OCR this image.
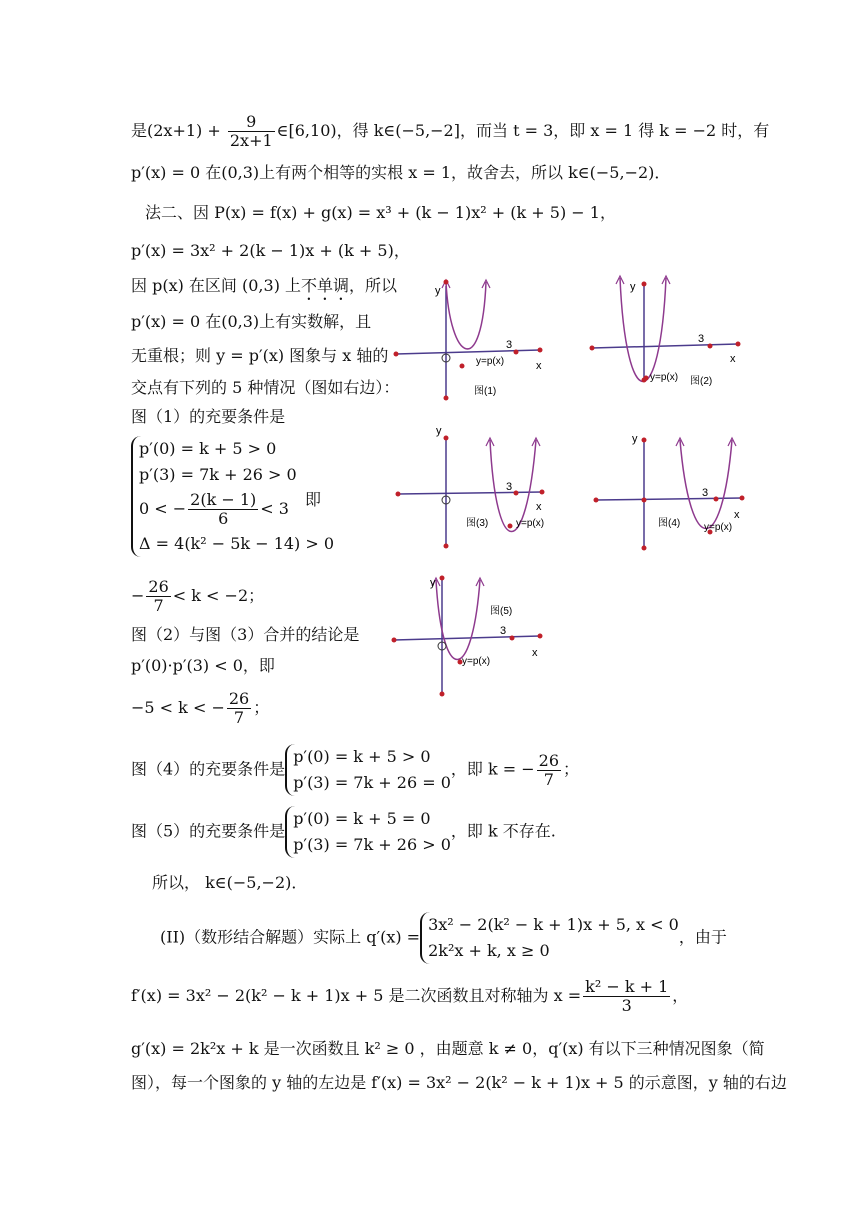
是$(2x+1) + \frac{9}{2x+1}$ ∈[6,10)，得 k∈(−5,−2]，而当 t = 3，即 x = 1 得 k = −2 时，有
p′(x) = 0 在(0,3)上有两个相等的实根 x = 1，故舍去，所以 k∈(−5,−2)．
法二、因 P(x) = f(x) + g(x) = x³ + (k − 1)x² + (k + 5) − 1，
p′(x) = 3x² + 2(k − 1)x + (k + 5)，
因 p(x) 在区间 (0,3) 上不单调，所以
p′(x) = 0 在(0,3)上有实数解，且
无重根；则 y = p′(x) 图象与 x 轴的
交点有下列的 5 种情况（图如右边）：
图（1）的充要条件是
p′(0) = k + 5 > 0
p′(3) = 7k + 26 > 0
0 < − $\frac{2(k - 1)}{6} < 3$
Δ = 4(k² − 5k − 14) > 0
即
− $\frac{26}{7} < k < -2$；
图（2）与图（3）合并的结论是
p′(0)·p′(3) < 0，即
−5 < k < − $\frac{26}{7}$ ；
图（4）的充要条件是
p′(0) = k + 5 > 0
p′(3) = 7k + 26 = 0
，即 k = − $\frac{26}{7}$ ；
图（5）的充要条件是
p′(0) = k + 5 = 0
p′(3) = 7k + 26 > 0
，即 k 不存在.
所以， k∈(−5,−2)．
(II)（数形结合解题）实际上 q′(x) =
3x² − 2(k² − k + 1)x + 5, x < 0
2k²x + k, x ≥ 0
，由于
f′(x) = 3x² − 2(k² − k + 1)x + 5 是二次函数且对称轴为 $x = \frac{\text{k² − k + 1}}{3}$ ，
g′(x) = 2k²x + k 是一次函数且 k² ≥ 0 ，由题意 k ≠ 0，q′(x) 有以下三种情况图象（简
图），每一个图象的 y 轴的左边是 f′(x) = 3x² − 2(k² − k + 1)x + 5 的示意图，y 轴的右边
y
x
3
y=p(x)
图(1)
y
x
3
y=p(x) 图(2)
y
x
3
y=p(x)
图(3)
y
x
3
y=p(x)
图(4)
y
x
3
y=p(x)
图(5)
